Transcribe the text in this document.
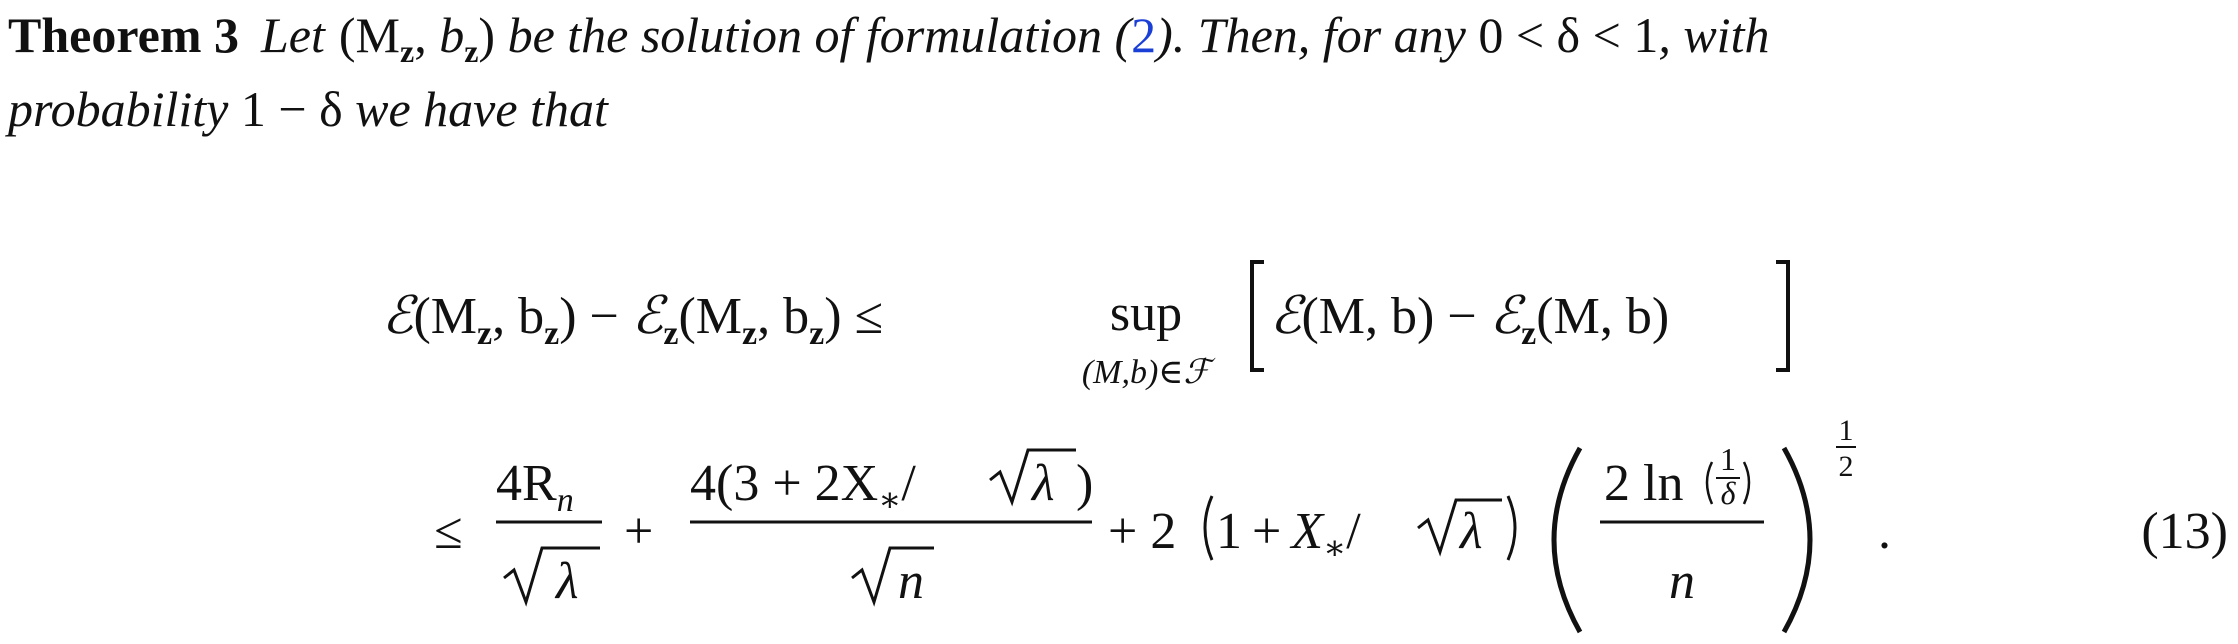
Theorem 3 Let ($M_z$, $b_z$) be the solution of formulation (2). Then, for any 0 < δ < 1, with
probability 1 − δ we have that
$ℰ(M_z$, $b_z$) − $ℰ_z(M_z$, $b_z$) ≤	sup
(M,b)∈ℱ
ℰ(M, b) − ℰ$_z$(M, b)
≤
$4R_n$
λ
+
$4(3 + 2X_∗/$ λ )
n
+ 2 $1 + X_∗/$ λ
2 ln 1
δ
n
1
2
.	(13)
